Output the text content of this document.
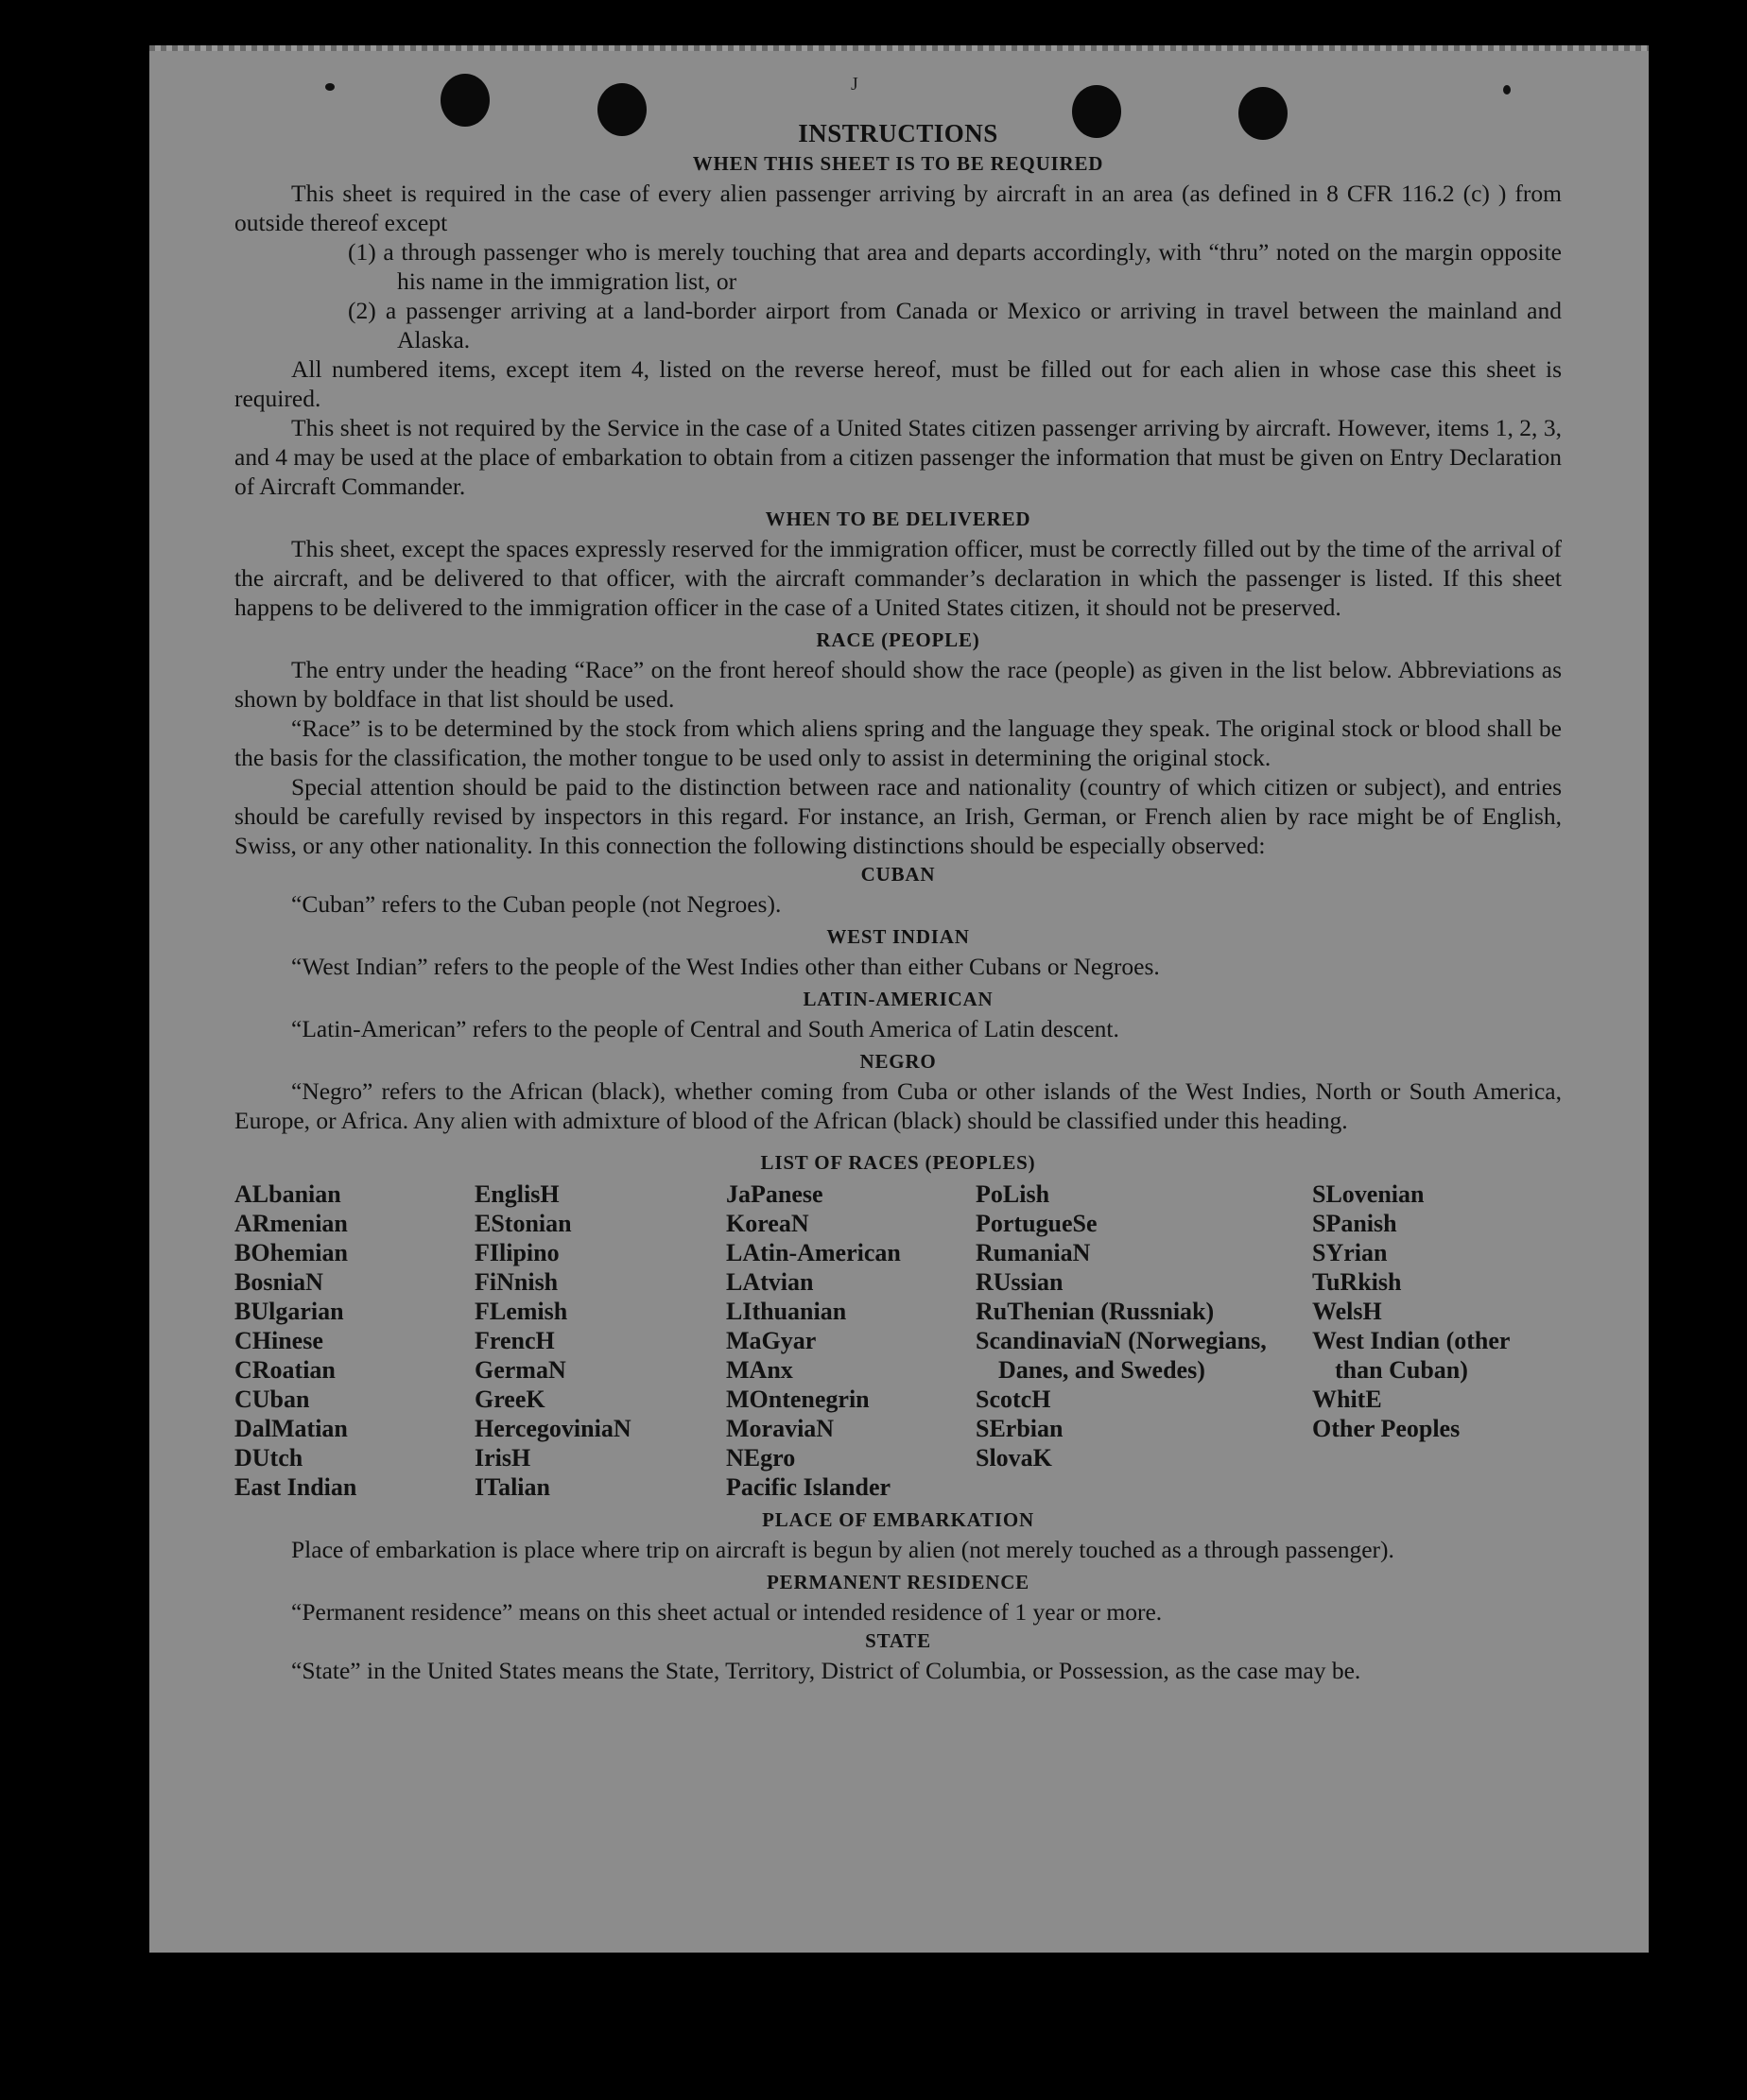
J
INSTRUCTIONS
WHEN THIS SHEET IS TO BE REQUIRED

This sheet is required in the case of every alien passenger arriving by aircraft in an area (as defined in 8 CFR 116.2 (c) ) from outside thereof except

(1) a through passenger who is merely touching that area and departs accordingly, with “thru” noted on the margin opposite his name in the immigration list, or

(2) a passenger arriving at a land-border airport from Canada or Mexico or arriving in travel between the mainland and Alaska.

All numbered items, except item 4, listed on the reverse hereof, must be filled out for each alien in whose case this sheet is required.

This sheet is not required by the Service in the case of a United States citizen passenger arriving by aircraft. However, items 1, 2, 3, and 4 may be used at the place of embarkation to obtain from a citizen passenger the information that must be given on Entry Declaration of Aircraft Commander.

WHEN TO BE DELIVERED

This sheet, except the spaces expressly reserved for the immigration officer, must be correctly filled out by the time of the arrival of the aircraft, and be delivered to that officer, with the aircraft commander’s declaration in which the passenger is listed. If this sheet happens to be delivered to the immigration officer in the case of a United States citizen, it should not be preserved.

RACE (PEOPLE)

The entry under the heading “Race” on the front hereof should show the race (people) as given in the list below. Abbreviations as shown by boldface in that list should be used.

“Race” is to be determined by the stock from which aliens spring and the language they speak. The original stock or blood shall be the basis for the classification, the mother tongue to be used only to assist in determining the original stock.

Special attention should be paid to the distinction between race and nationality (country of which citizen or subject), and entries should be carefully revised by inspectors in this regard. For instance, an Irish, German, or French alien by race might be of English, Swiss, or any other nationality. In this connection the following distinctions should be especially observed:

CUBAN

“Cuban” refers to the Cuban people (not Negroes).

WEST INDIAN

“West Indian” refers to the people of the West Indies other than either Cubans or Negroes.

LATIN-AMERICAN

“Latin-American” refers to the people of Central and South America of Latin descent.

NEGRO

“Negro” refers to the African (black), whether coming from Cuba or other islands of the West Indies, North or South America, Europe, or Africa. Any alien with admixture of blood of the African (black) should be classified under this heading.

LIST OF RACES (PEOPLES)
ALbanian
ARmenian
BOhemian
BosniaN
BUlgarian
CHinese
CRoatian
CUban
DalMatian
DUtch
East Indian
EnglisH
EStonian
FIlipino
FiNnish
FLemish
FrencH
GermaN
GreeK
HercegoviniaN
IrisH
ITalian
JaPanese
KoreaN
LAtin-American
LAtvian
LIthuanian
MaGyar
MAnx
MOntenegrin
MoraviaN
NEgro
Pacific Islander
PoLish
PortugueSe
RumaniaN
RUssian
RuThenian (Russniak)
ScandinaviaN (Norwegians, Danes, and Swedes)
ScotcH
SErbian
SlovaK
SLovenian
SPanish
SYrian
TuRkish
WelsH
West Indian (other than Cuban)
WhitE
Other Peoples
PLACE OF EMBARKATION

Place of embarkation is place where trip on aircraft is begun by alien (not merely touched as a through passenger).

PERMANENT RESIDENCE

“Permanent residence” means on this sheet actual or intended residence of 1 year or more.

STATE

“State” in the United States means the State, Territory, District of Columbia, or Possession, as the case may be.
